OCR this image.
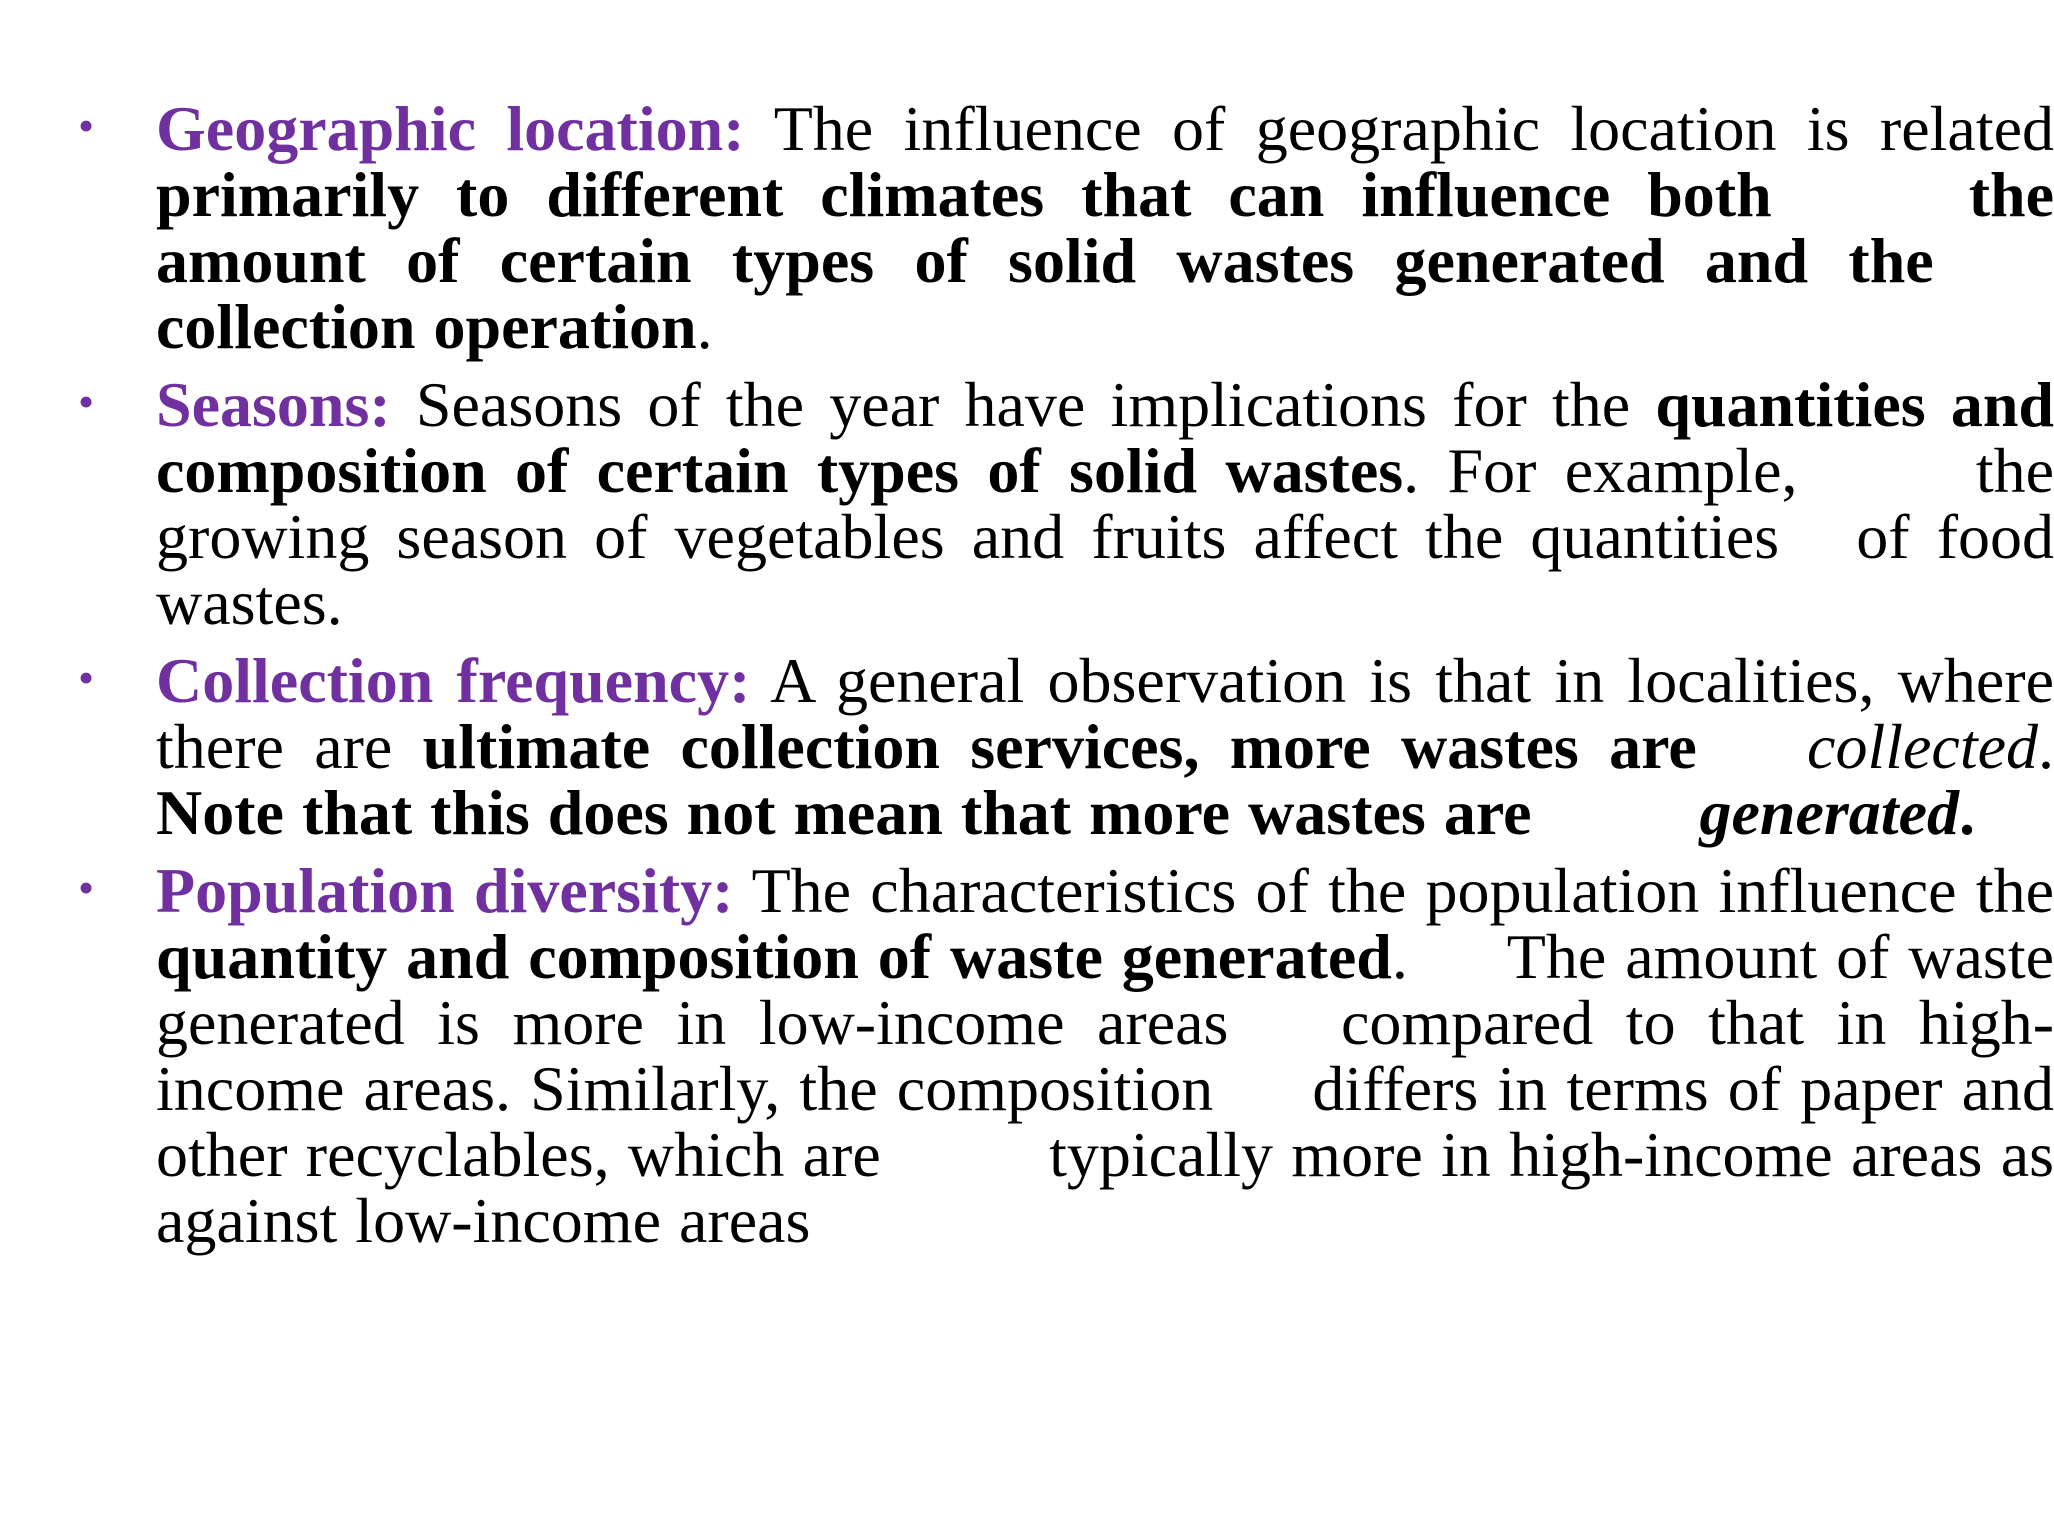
• Geographic location: The influence of geographic location is related primarily to different climates that can influence both	the amount of certain types of solid wastes generated and the collection operation.
• Seasons: Seasons of the year have implications for the quantities and composition of certain types of solid wastes. For example,	the growing season of vegetables and fruits affect the quantities of food wastes.
• Collection frequency: A general observation is that in localities, where there are ultimate collection services, more wastes are collected. Note that this does not mean that more wastes are	generated.
• Population diversity: The characteristics of the population influence the quantity and composition of waste generated. The amount of waste generated is more in low-income areas compared to that in high-income areas. Similarly, the composition differs in terms of paper and other recyclables, which are	typically more in high-income areas as against low-income areas
